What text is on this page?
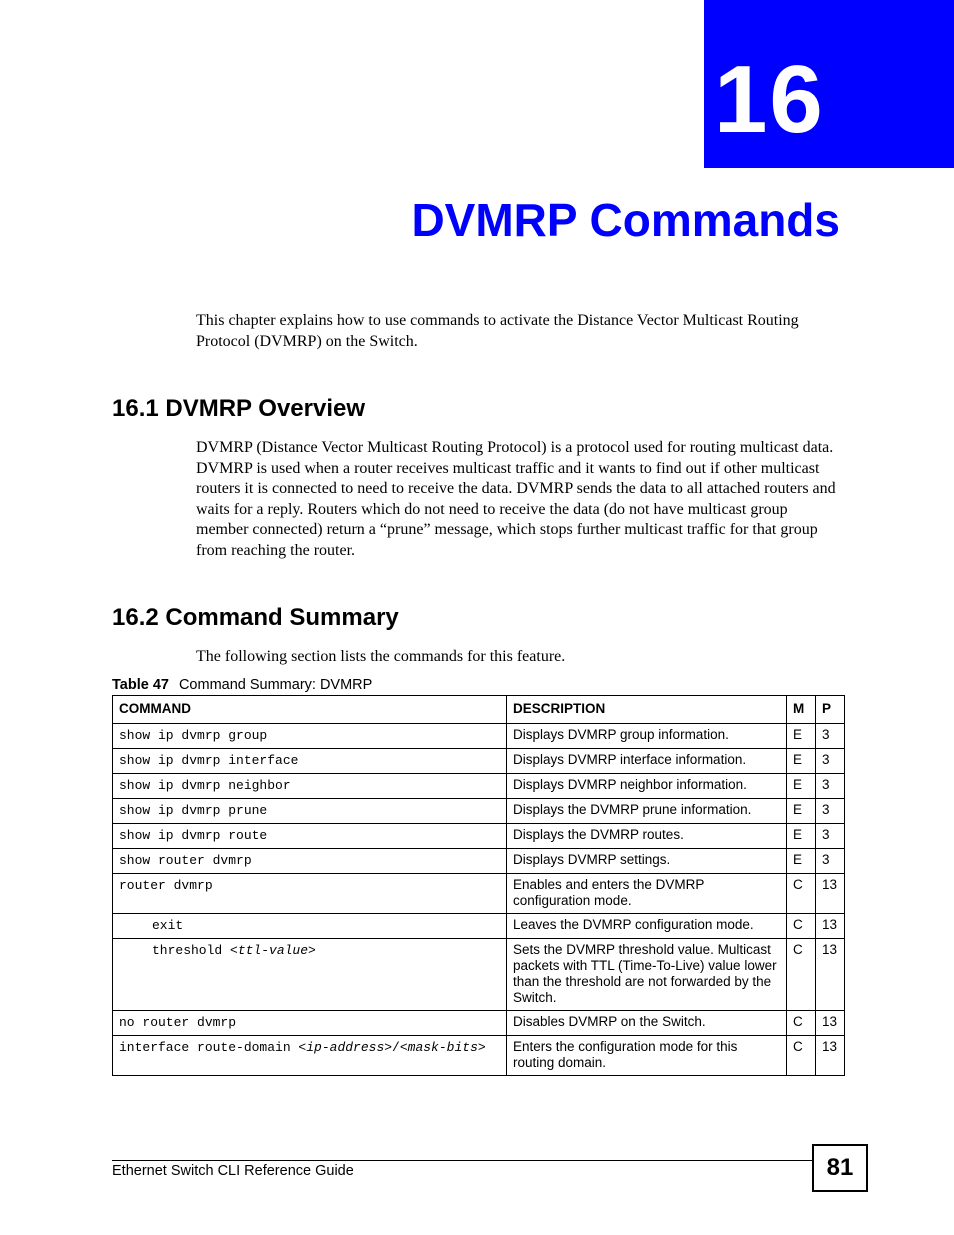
16
DVMRP Commands

This chapter explains how to use commands to activate the Distance Vector Multicast Routing Protocol (DVMRP) on the Switch.

16.1 DVMRP Overview

DVMRP (Distance Vector Multicast Routing Protocol) is a protocol used for routing multicast data. DVMRP is used when a router receives multicast traffic and it wants to find out if other multicast routers it is connected to need to receive the data. DVMRP sends the data to all attached routers and waits for a reply. Routers which do not need to receive the data (do not have multicast group member connected) return a “prune” message, which stops further multicast traffic for that group from reaching the router.

16.2 Command Summary

The following section lists the commands for this feature.

Table 47 Command Summary: DVMRP
COMMAND	DESCRIPTION	M	P
show ip dvmrp group	Displays DVMRP group information.	E	3
show ip dvmrp interface	Displays DVMRP interface information.	E	3
show ip dvmrp neighbor	Displays DVMRP neighbor information.	E	3
show ip dvmrp prune	Displays the DVMRP prune information.	E	3
show ip dvmrp route	Displays the DVMRP routes.	E	3
show router dvmrp	Displays DVMRP settings.	E	3
router dvmrp	Enables and enters the DVMRP configuration mode.	C	13
exit	Leaves the DVMRP configuration mode.	C	13
threshold <ttl-value>	Sets the DVMRP threshold value. Multicast packets with TTL (Time-To-Live) value lower than the threshold are not forwarded by the Switch.	C	13
no router dvmrp	Disables DVMRP on the Switch.	C	13
interface route-domain <ip-address>/<mask-bits>	Enters the configuration mode for this routing domain.	C	13
Ethernet Switch CLI Reference Guide	81
